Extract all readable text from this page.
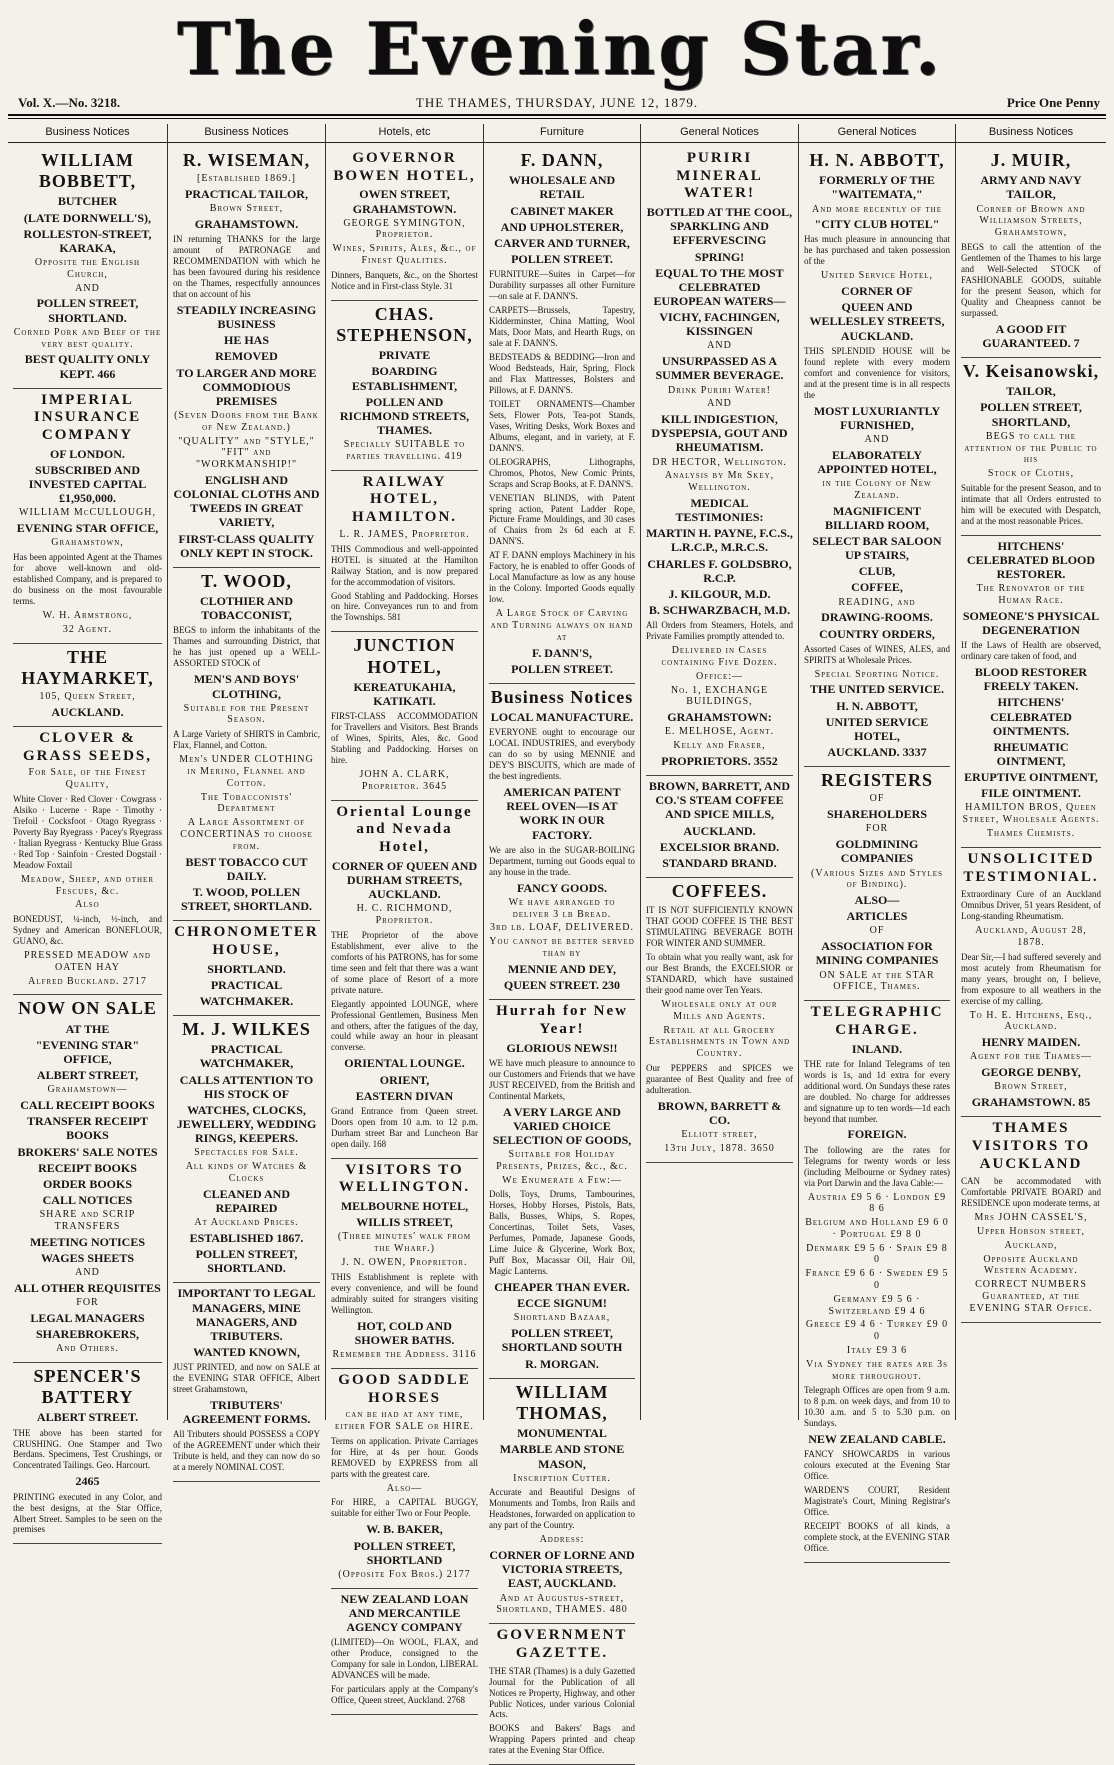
The Evening Star.
Vol. X.—No. 3218.	THE THAMES, THURSDAY, JUNE 12, 1879.	Price One Penny
Business Notices

WILLIAM BOBBETT,

BUTCHER

(LATE DORNWELL'S),

ROLLESTON-STREET, KARAKA,

Opposite the English Church,

AND

POLLEN STREET, SHORTLAND.

Corned Pork and Beef of the very best quality.

BEST QUALITY ONLY KEPT. 466

IMPERIAL INSURANCE COMPANY

OF LONDON.

SUBSCRIBED AND INVESTED CAPITAL £1,950,000.

WILLIAM McCULLOUGH,

EVENING STAR OFFICE,

Grahamstown,

Has been appointed Agent at the Thames for above well-known and old-established Company, and is prepared to do business on the most favourable terms.

W. H. Armstrong,

32 Agent.

THE HAYMARKET,

105, Queen Street,

AUCKLAND.

CLOVER & GRASS SEEDS,

For Sale, of the Finest Quality,

White Clover · Red Clover · Cowgrass · Alsiko · Lucerne · Rape · Timothy · Trefoil · Cocksfoot · Otago Ryegrass · Poverty Bay Ryegrass · Pacey's Ryegrass · Italian Ryegrass · Kentucky Blue Grass · Red Top · Sainfoin · Crested Dogstail · Meadow Foxtail

Meadow, Sheep, and other Fescues, &c.

Also

BONEDUST, ¼-inch, ½-inch, and Sydney and American BONEFLOUR, GUANO, &c.

PRESSED MEADOW and OATEN HAY

Alfred Buckland. 2717

NOW ON SALE

AT THE

"EVENING STAR" OFFICE,

ALBERT STREET,

Grahamstown—

CALL RECEIPT BOOKS

TRANSFER RECEIPT BOOKS

BROKERS' SALE NOTES

RECEIPT BOOKS

ORDER BOOKS

CALL NOTICES

SHARE and SCRIP TRANSFERS

MEETING NOTICES

WAGES SHEETS

AND

ALL OTHER REQUISITES

FOR

LEGAL MANAGERS

SHAREBROKERS,

And Others.

SPENCER'S BATTERY

ALBERT STREET.

THE above has been started for CRUSHING. One Stamper and Two Berdans. Specimens, Test Crushings, or Concentrated Tailings. Geo. Harcourt.

2465

PRINTING executed in any Color, and the best designs, at the Star Office, Albert Street. Samples to be seen on the premises

Business Notices

R. WISEMAN,

[Established 1869.]

PRACTICAL TAILOR,

Brown Street,

GRAHAMSTOWN.

IN returning THANKS for the large amount of PATRONAGE and RECOMMENDATION with which he has been favoured during his residence on the Thames, respectfully announces that on account of his

STEADILY INCREASING BUSINESS

HE HAS

REMOVED

TO LARGER AND MORE COMMODIOUS PREMISES

(Seven Doors from the Bank of New Zealand.)

"QUALITY" and "STYLE," "FIT" and "WORKMANSHIP!"

ENGLISH AND COLONIAL CLOTHS AND TWEEDS IN GREAT VARIETY,

FIRST-CLASS QUALITY ONLY KEPT IN STOCK.

T. WOOD,

CLOTHIER AND TOBACCONIST,

BEGS to inform the inhabitants of the Thames and surrounding District, that he has just opened up a WELL-ASSORTED STOCK of

MEN'S AND BOYS' CLOTHING,

Suitable for the Present Season.

A Large Variety of SHIRTS in Cambric, Flax, Flannel, and Cotton.

Men's UNDER CLOTHING in Merino, Flannel and Cotton.

The Tobacconists' Department

A Large Assortment of CONCERTINAS to choose from.

BEST TOBACCO CUT DAILY.

T. WOOD, POLLEN STREET, SHORTLAND.

CHRONOMETER HOUSE,

SHORTLAND.

PRACTICAL

WATCHMAKER.

M. J. WILKES

PRACTICAL WATCHMAKER,

CALLS ATTENTION TO HIS STOCK OF

WATCHES, CLOCKS, JEWELLERY, WEDDING RINGS, KEEPERS.

Spectacles for Sale.

All kinds of Watches & Clocks

CLEANED AND REPAIRED

At Auckland Prices.

ESTABLISHED 1867.

POLLEN STREET, SHORTLAND.

IMPORTANT TO LEGAL MANAGERS, MINE MANAGERS, AND TRIBUTERS.

WANTED KNOWN,

JUST PRINTED, and now on SALE at the EVENING STAR OFFICE, Albert street Grahamstown,

TRIBUTERS' AGREEMENT FORMS.

All Tributers should POSSESS a COPY of the AGREEMENT under which their Tribute is held, and they can now do so at a merely NOMINAL COST.

Hotels, etc

GOVERNOR BOWEN HOTEL,

OWEN STREET, GRAHAMSTOWN.

GEORGE SYMINGTON, Proprietor.

Wines, Spirits, Ales, &c., of Finest Qualities.

Dinners, Banquets, &c., on the Shortest Notice and in First-class Style. 31

CHAS. STEPHENSON,

PRIVATE

BOARDING ESTABLISHMENT,

POLLEN AND RICHMOND STREETS, THAMES.

Specially SUITABLE to parties travelling. 419

RAILWAY HOTEL, HAMILTON.

L. R. JAMES, Proprietor.

THIS Commodious and well-appointed HOTEL is situated at the Hamilton Railway Station, and is now prepared for the accommodation of visitors.

Good Stabling and Paddocking. Horses on hire. Conveyances run to and from the Townships. 581

JUNCTION HOTEL,

KEREATUKAHIA, KATIKATI.

FIRST-CLASS ACCOMMODATION for Travellers and Visitors. Best Brands of Wines, Spirits, Ales, &c. Good Stabling and Paddocking. Horses on hire.

JOHN A. CLARK, Proprietor. 3645

Oriental Lounge and Nevada Hotel,

CORNER OF QUEEN AND DURHAM STREETS, AUCKLAND.

H. C. RICHMOND, Proprietor.

THE Proprietor of the above Establishment, ever alive to the comforts of his PATRONS, has for some time seen and felt that there was a want of some place of Resort of a more private nature.

Elegantly appointed LOUNGE, where Professional Gentlemen, Business Men and others, after the fatigues of the day, could while away an hour in pleasant converse.

ORIENTAL LOUNGE.

ORIENT,

EASTERN DIVAN

Grand Entrance from Queen street. Doors open from 10 a.m. to 12 p.m. Durham street Bar and Luncheon Bar open daily. 168

VISITORS TO WELLINGTON.

MELBOURNE HOTEL,

WILLIS STREET,

(Three minutes' walk from the Wharf.)

J. N. OWEN, Proprietor.

THIS Establishment is replete with every convenience, and will be found admirably suited for strangers visiting Wellington.

HOT, COLD AND SHOWER BATHS.

Remember the Address. 3116

GOOD SADDLE HORSES

can be had at any time, either FOR SALE or HIRE.

Terms on application. Private Carriages for Hire, at 4s per hour. Goods REMOVED by EXPRESS from all parts with the greatest care.

Also—

For HIRE, a CAPITAL BUGGY, suitable for either Two or Four People.

W. B. BAKER,

POLLEN STREET, SHORTLAND

(Opposite Fox Bros.) 2177

NEW ZEALAND LOAN AND MERCANTILE AGENCY COMPANY

(LIMITED)—On WOOL, FLAX, and other Produce, consigned to the Company for sale in London, LIBERAL ADVANCES will be made.

For particulars apply at the Company's Office, Queen street, Auckland. 2768

Furniture

F. DANN,

WHOLESALE AND RETAIL

CABINET MAKER

AND UPHOLSTERER,

CARVER AND TURNER,

POLLEN STREET.

FURNITURE—Suites in Carpet—for Durability surpasses all other Furniture—on sale at F. DANN'S.

CARPETS—Brussels, Tapestry, Kidderminster, China Matting, Wool Mats, Door Mats, and Hearth Rugs, on sale at F. DANN'S.

BEDSTEADS & BEDDING—Iron and Wood Bedsteads, Hair, Spring, Flock and Flax Mattresses, Bolsters and Pillows, at F. DANN'S.

TOILET ORNAMENTS—Chamber Sets, Flower Pots, Tea-pot Stands, Vases, Writing Desks, Work Boxes and Albums, elegant, and in variety, at F. DANN'S.

OLEOGRAPHS, Lithographs, Chromos, Photos, New Comic Prints, Scraps and Scrap Books, at F. DANN'S.

VENETIAN BLINDS, with Patent spring action, Patent Ladder Rope, Picture Frame Mouldings, and 30 cases of Chairs from 2s 6d each at F. DANN'S.

AT F. DANN employs Machinery in his Factory, he is enabled to offer Goods of Local Manufacture as low as any house in the Colony. Imported Goods equally low.

A Large Stock of Carving and Turning always on hand at

F. DANN'S,

POLLEN STREET.

Business Notices

LOCAL MANUFACTURE.

EVERYONE ought to encourage our LOCAL INDUSTRIES, and everybody can do so by using MENNIE and DEY'S BISCUITS, which are made of the best ingredients.

AMERICAN PATENT REEL OVEN—IS AT WORK IN OUR FACTORY.

We are also in the SUGAR-BOILING Department, turning out Goods equal to any house in the trade.

FANCY GOODS.

We have arranged to deliver 3 lb Bread.

3rd lb. LOAF, DELIVERED.

You cannot be better served than by

MENNIE AND DEY,

QUEEN STREET. 230

Hurrah for New Year!

GLORIOUS NEWS!!

WE have much pleasure to announce to our Customers and Friends that we have JUST RECEIVED, from the British and Continental Markets,

A VERY LARGE AND VARIED CHOICE SELECTION OF GOODS,

Suitable for Holiday Presents, Prizes, &c., &c.

We Enumerate a Few:—

Dolls, Toys, Drums, Tambourines, Horses, Hobby Horses, Pistols, Bats, Balls, Busses, Whips, S. Ropes, Concertinas, Toilet Sets, Vases, Perfumes, Pomade, Japanese Goods, Lime Juice & Glycerine, Work Box, Puff Box, Macassar Oil, Hair Oil, Magic Lanterns.

CHEAPER THAN EVER.

ECCE SIGNUM!

Shortland Bazaar,

POLLEN STREET, SHORTLAND SOUTH

R. MORGAN.

WILLIAM THOMAS,

MONUMENTAL

MARBLE AND STONE MASON,

Inscription Cutter.

Accurate and Beautiful Designs of Monuments and Tombs, Iron Rails and Headstones, forwarded on application to any part of the Country.

Address:

CORNER OF LORNE AND VICTORIA STREETS, EAST, AUCKLAND.

And at Augustus-street, Shortland, THAMES. 480

GOVERNMENT GAZETTE.

THE STAR (Thames) is a duly Gazetted Journal for the Publication of all Notices re Property, Highway, and other Public Notices, under various Colonial Acts.

BOOKS and Bakers' Bags and Wrapping Papers printed and cheap rates at the Evening Star Office.

General Notices

PURIRI MINERAL WATER!

BOTTLED AT THE COOL, SPARKLING AND EFFERVESCING

SPRING!

EQUAL TO THE MOST CELEBRATED EUROPEAN WATERS—

VICHY, FACHINGEN, KISSINGEN

AND

UNSURPASSED AS A SUMMER BEVERAGE.

Drink Puriri Water!

AND

KILL INDIGESTION, DYSPEPSIA, GOUT AND RHEUMATISM.

DR HECTOR, Wellington.

Analysis by Mr Skey, Wellington.

MEDICAL TESTIMONIES:

MARTIN H. PAYNE, F.C.S., L.R.C.P., M.R.C.S.

CHARLES F. GOLDSBRO, R.C.P.

J. KILGOUR, M.D.

B. SCHWARZBACH, M.D.

All Orders from Steamers, Hotels, and Private Families promptly attended to.

Delivered in Cases containing Five Dozen.

Office:—

No. 1, EXCHANGE BUILDINGS,

GRAHAMSTOWN:

E. MELHOSE, Agent.

Kelly and Fraser,

PROPRIETORS. 3552

BROWN, BARRETT, AND CO.'S STEAM COFFEE AND SPICE MILLS,

AUCKLAND.

EXCELSIOR BRAND.

STANDARD BRAND.

COFFEES.

IT IS NOT SUFFICIENTLY KNOWN THAT GOOD COFFEE IS THE BEST STIMULATING BEVERAGE BOTH FOR WINTER AND SUMMER.

To obtain what you really want, ask for our Best Brands, the EXCELSIOR or STANDARD, which have sustained their good name over Ten Years.

Wholesale only at our Mills and Agents.

Retail at all Grocery Establishments in Town and Country.

Our PEPPERS and SPICES we guarantee of Best Quality and free of adulteration.

BROWN, BARRETT & CO.

Elliott street,

13th July, 1878. 3650

General Notices

H. N. ABBOTT,

FORMERLY OF THE "WAITEMATA,"

And more recently of the

"CITY CLUB HOTEL"

Has much pleasure in announcing that he has purchased and taken possession of the

United Service Hotel,

CORNER OF

QUEEN AND WELLESLEY STREETS, AUCKLAND.

THIS SPLENDID HOUSE will be found replete with every modern comfort and convenience for visitors, and at the present time is in all respects the

MOST LUXURIANTLY FURNISHED,

AND

ELABORATELY APPOINTED HOTEL,

in the Colony of New Zealand.

MAGNIFICENT BILLIARD ROOM,

SELECT BAR SALOON UP STAIRS,

CLUB,

COFFEE,

READING, and

DRAWING-ROOMS.

COUNTRY ORDERS,

Assorted Cases of WINES, ALES, and SPIRITS at Wholesale Prices.

Special Sporting Notice.

THE UNITED SERVICE.

H. N. ABBOTT,

UNITED SERVICE HOTEL,

AUCKLAND. 3337

REGISTERS

OF

SHAREHOLDERS

FOR

GOLDMINING COMPANIES

(Various Sizes and Styles of Binding).

ALSO—

ARTICLES

OF

ASSOCIATION FOR MINING COMPANIES

ON SALE at the STAR OFFICE, Thames.

TELEGRAPHIC CHARGE.

INLAND.

THE rate for Inland Telegrams of ten words is 1s, and 1d extra for every additional word. On Sundays these rates are doubled. No charge for addresses and signature up to ten words—1d each beyond that number.

FOREIGN.

The following are the rates for Telegrams for twenty words or less (including Melbourne or Sydney rates) via Port Darwin and the Java Cable:—

Austria £9 5 6 · London £9 8 6

Belgium and Holland £9 6 0 · Portugal £9 8 0

Denmark £9 5 6 · Spain £9 8 0

France £9 6 6 · Sweden £9 5 0

Germany £9 5 6 · Switzerland £9 4 6

Greece £9 4 6 · Turkey £9 0 0

Italy £9 3 6

Via Sydney the rates are 3s more throughout.

Telegraph Offices are open from 9 a.m. to 8 p.m. on week days, and from 10 to 10.30 a.m. and 5 to 5.30 p.m. on Sundays.

NEW ZEALAND CABLE.

FANCY SHOWCARDS in various colours executed at the Evening Star Office.

WARDEN'S COURT, Resident Magistrate's Court, Mining Registrar's Office.

RECEIPT BOOKS of all kinds, a complete stock, at the EVENING STAR Office.

Business Notices

J. MUIR,

ARMY AND NAVY TAILOR,

Corner of Brown and Williamson Streets, Grahamstown,

BEGS to call the attention of the Gentlemen of the Thames to his large and Well-Selected STOCK of FASHIONABLE GOODS, suitable for the present Season, which for Quality and Cheapness cannot be surpassed.

A GOOD FIT GUARANTEED. 7

V. Keisanowski,

TAILOR,

POLLEN STREET, SHORTLAND,

BEGS to call the attention of the Public to his

Stock of Cloths,

Suitable for the present Season, and to intimate that all Orders entrusted to him will be executed with Despatch, and at the most reasonable Prices.

HITCHENS' CELEBRATED BLOOD RESTORER.

The Renovator of the Human Race.

SOMEONE'S PHYSICAL DEGENERATION

If the Laws of Health are observed, ordinary care taken of food, and

BLOOD RESTORER FREELY TAKEN.

HITCHENS' CELEBRATED OINTMENTS.

RHEUMATIC OINTMENT,

ERUPTIVE OINTMENT,

FILE OINTMENT.

HAMILTON BROS, Queen Street, Wholesale Agents.

Thames Chemists.

UNSOLICITED TESTIMONIAL.

Extraordinary Cure of an Auckland Omnibus Driver, 51 years Resident, of Long-standing Rheumatism.

Auckland, August 28, 1878.

Dear Sir,—I had suffered severely and most acutely from Rheumatism for many years, brought on, I believe, from exposure to all weathers in the exercise of my calling.

To H. E. Hitchens, Esq., Auckland.

HENRY MAIDEN.

Agent for the Thames—

GEORGE DENBY,

Brown Street,

GRAHAMSTOWN. 85

THAMES VISITORS TO AUCKLAND

CAN be accommodated with Comfortable PRIVATE BOARD and RESIDENCE upon moderate terms, at

Mrs JOHN CASSEL'S,

Upper Hobson street,

Auckland,

Opposite Auckland Western Academy.

CORRECT NUMBERS Guaranteed, at the EVENING STAR Office.
